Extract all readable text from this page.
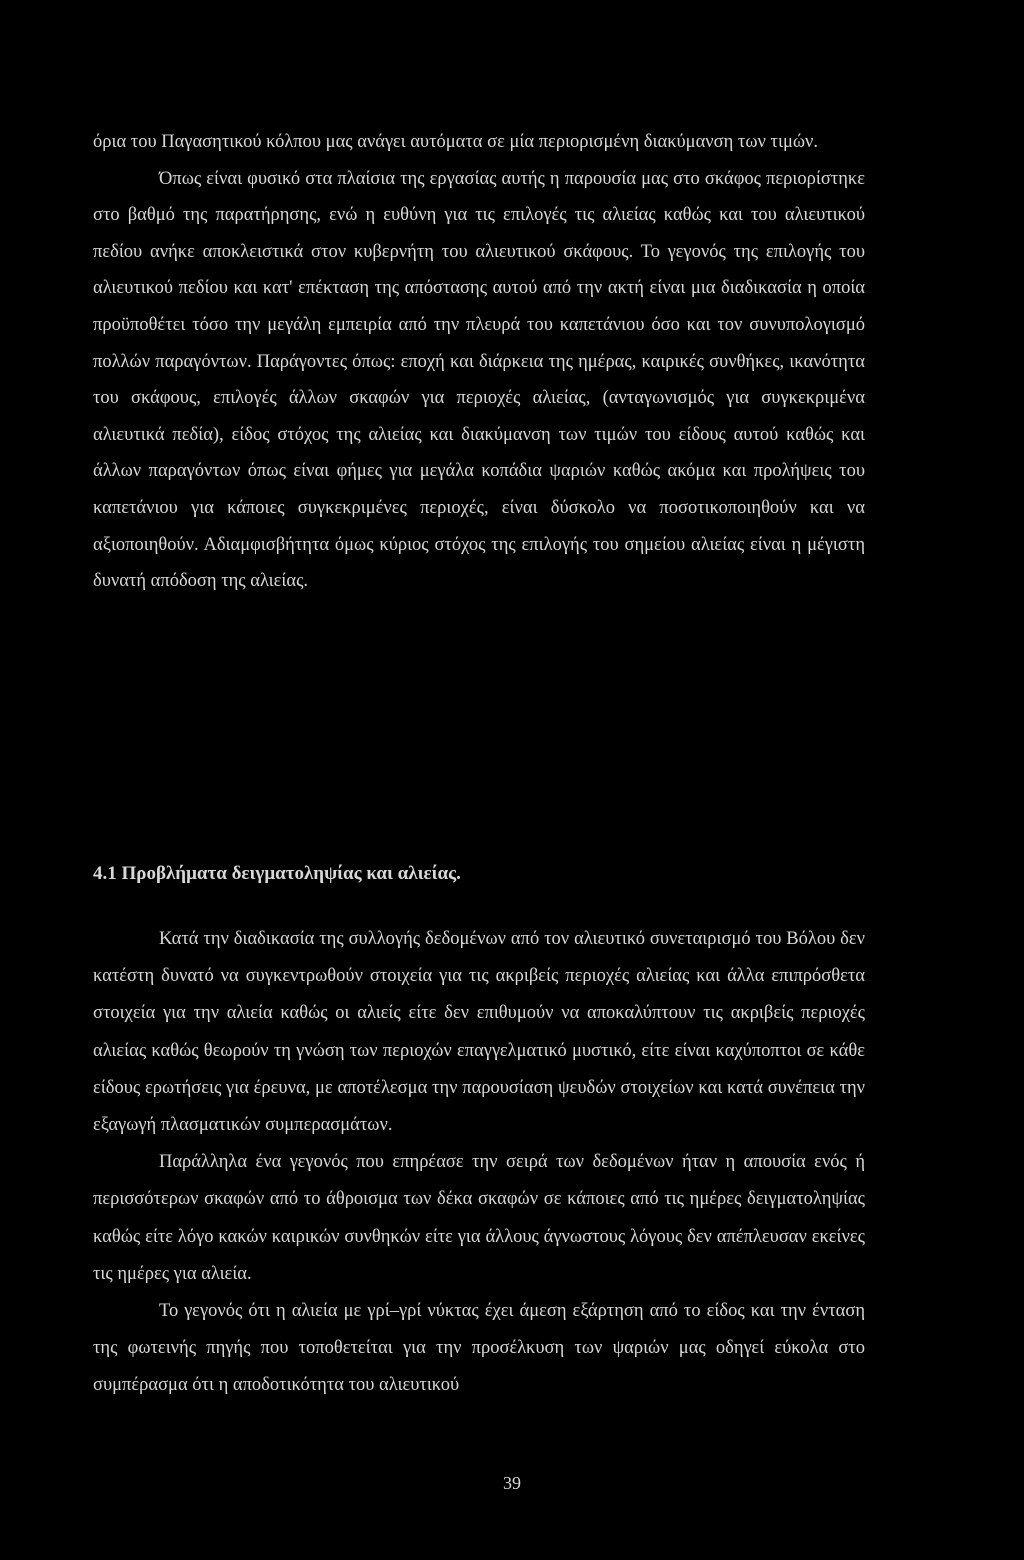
όρια του Παγασητικού κόλπου μας ανάγει αυτόματα σε μία περιορισμένη διακύμανση των τιμών.

Όπως είναι φυσικό στα πλαίσια της εργασίας αυτής η παρουσία μας στο σκάφος περιορίστηκε στο βαθμό της παρατήρησης, ενώ η ευθύνη για τις επιλογές τις αλιείας καθώς και του αλιευτικού πεδίου ανήκε αποκλειστικά στον κυβερνήτη του αλιευτικού σκάφους. Το γεγονός της επιλογής του αλιευτικού πεδίου και κατ' επέκταση της απόστασης αυτού από την ακτή είναι μια διαδικασία η οποία προϋποθέτει τόσο την μεγάλη εμπειρία από την πλευρά του καπετάνιου όσο και τον συνυπολογισμό πολλών παραγόντων. Παράγοντες όπως: εποχή και διάρκεια της ημέρας, καιρικές συνθήκες, ικανότητα του σκάφους, επιλογές άλλων σκαφών για περιοχές αλιείας, (ανταγωνισμός για συγκεκριμένα αλιευτικά πεδία), είδος στόχος της αλιείας και διακύμανση των τιμών του είδους αυτού καθώς και άλλων παραγόντων όπως είναι φήμες για μεγάλα κοπάδια ψαριών καθώς ακόμα και προλήψεις του καπετάνιου για κάποιες συγκεκριμένες περιοχές, είναι δύσκολο να ποσοτικοποιηθούν και να αξιοποιηθούν. Αδιαμφισβήτητα όμως κύριος στόχος της επιλογής του σημείου αλιείας είναι η μέγιστη δυνατή απόδοση της αλιείας.

4.1 Προβλήματα δειγματοληψίας και αλιείας.

Κατά την διαδικασία της συλλογής δεδομένων από τον αλιευτικό συνεταιρισμό του Βόλου δεν κατέστη δυνατό να συγκεντρωθούν στοιχεία για τις ακριβείς περιοχές αλιείας και άλλα επιπρόσθετα στοιχεία για την αλιεία καθώς οι αλιείς είτε δεν επιθυμούν να αποκαλύπτουν τις ακριβείς περιοχές αλιείας καθώς θεωρούν τη γνώση των περιοχών επαγγελματικό μυστικό, είτε είναι καχύποπτοι σε κάθε είδους ερωτήσεις για έρευνα, με αποτέλεσμα την παρουσίαση ψευδών στοιχείων και κατά συνέπεια την εξαγωγή πλασματικών συμπερασμάτων.

Παράλληλα ένα γεγονός που επηρέασε την σειρά των δεδομένων ήταν η απουσία ενός ή περισσότερων σκαφών από το άθροισμα των δέκα σκαφών σε κάποιες από τις ημέρες δειγματοληψίας καθώς είτε λόγο κακών καιρικών συνθηκών είτε για άλλους άγνωστους λόγους δεν απέπλευσαν εκείνες τις ημέρες για αλιεία.

Το γεγονός ότι η αλιεία με γρί–γρί νύκτας έχει άμεση εξάρτηση από το είδος και την ένταση της φωτεινής πηγής που τοποθετείται για την προσέλκυση των ψαριών μας οδηγεί εύκολα στο συμπέρασμα ότι η αποδοτικότητα του αλιευτικού

39
